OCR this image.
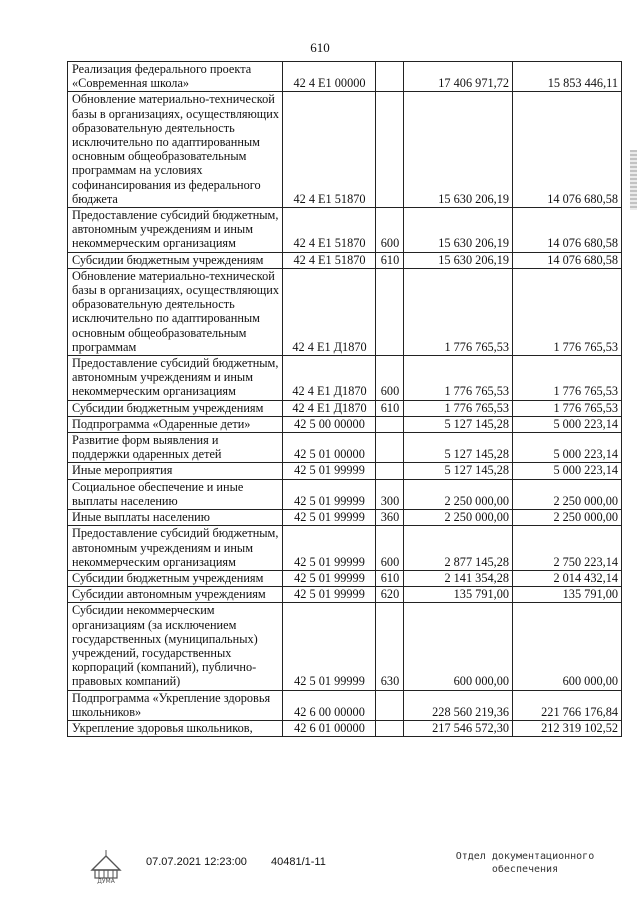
610
Реализация федерального проекта «Современная школа»	42 4 E1 00000		17 406 971,72	15 853 446,11
Обновление материально-технической базы в организациях, осуществляющих образовательную деятельность исключительно по адаптированным основным общеобразовательным программам на условиях софинансирования из федерального бюджета	42 4 E1 51870		15 630 206,19	14 076 680,58
Предоставление субсидий бюджетным, автономным учреждениям и иным некоммерческим организациям	42 4 E1 51870	600	15 630 206,19	14 076 680,58
Субсидии бюджетным учреждениям	42 4 E1 51870	610	15 630 206,19	14 076 680,58
Обновление материально-технической базы в организациях, осуществляющих образовательную деятельность исключительно по адаптированным основным общеобразовательным программам	42 4 E1 Д1870		1 776 765,53	1 776 765,53
Предоставление субсидий бюджетным, автономным учреждениям и иным некоммерческим организациям	42 4 E1 Д1870	600	1 776 765,53	1 776 765,53
Субсидии бюджетным учреждениям	42 4 E1 Д1870	610	1 776 765,53	1 776 765,53
Подпрограмма «Одаренные дети»	42 5 00 00000		5 127 145,28	5 000 223,14
Развитие форм выявления и поддержки одаренных детей	42 5 01 00000		5 127 145,28	5 000 223,14
Иные мероприятия	42 5 01 99999		5 127 145,28	5 000 223,14
Социальное обеспечение и иные выплаты населению	42 5 01 99999	300	2 250 000,00	2 250 000,00
Иные выплаты населению	42 5 01 99999	360	2 250 000,00	2 250 000,00
Предоставление субсидий бюджетным, автономным учреждениям и иным некоммерческим организациям	42 5 01 99999	600	2 877 145,28	2 750 223,14
Субсидии бюджетным учреждениям	42 5 01 99999	610	2 141 354,28	2 014 432,14
Субсидии автономным учреждениям	42 5 01 99999	620	135 791,00	135 791,00
Субсидии некоммерческим организациям (за исключением государственных (муниципальных) учреждений, государственных корпораций (компаний), публично-правовых компаний)	42 5 01 99999	630	600 000,00	600 000,00
Подпрограмма «Укрепление здоровья школьников»	42 6 00 00000		228 560 219,36	221 766 176,84
Укрепление здоровья школьников,	42 6 01 00000		217 546 572,30	212 319 102,52
ДУМА
07.07.2021 12:23:00 40481/1-11	Отдел документационного
обеспечения
